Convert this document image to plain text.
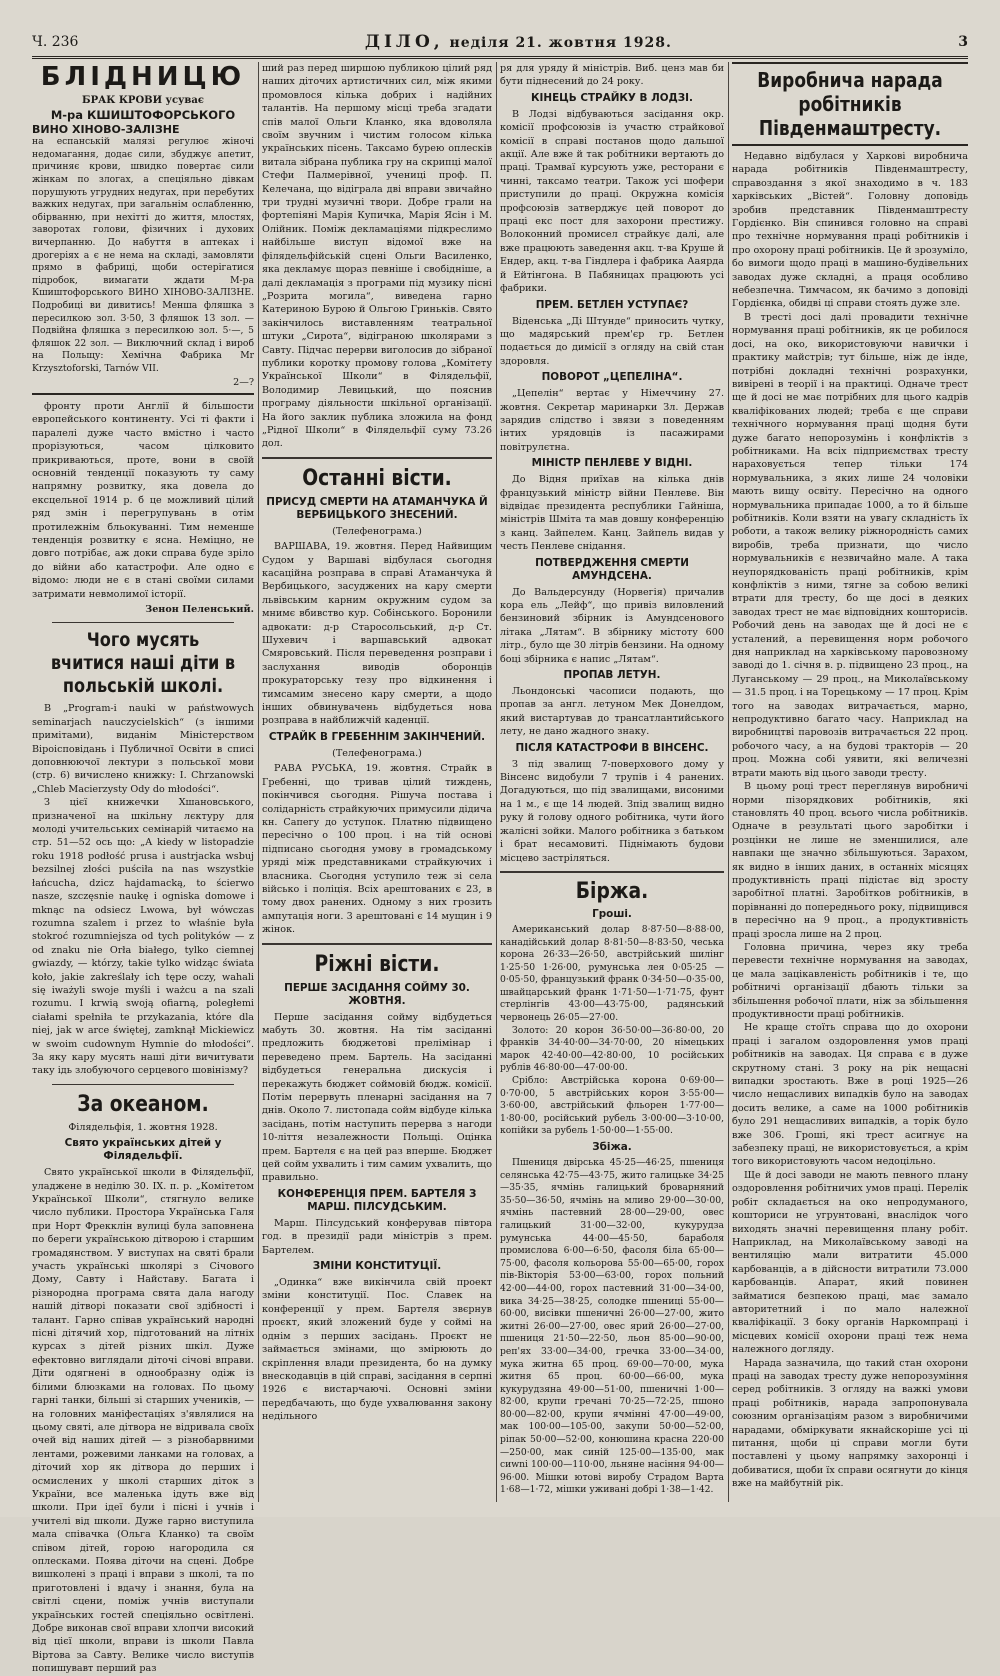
Ч. 236	ДІЛО, неділя 21. жовтня 1928.	3
БЛІДНИЦЮ
БРАК КРОВИ усуває
М-ра КШИШТОФОРСЬКОГО
ВИНО ХІНОВО-ЗАЛІЗНЕ

на еспанській малязі регулює жіночі недомагання, додає сили, збуджує апетит, причиняє крови, швидко повертає сили жінкам по злогах, а спеціяльно дівкам порушують угрудних недугах, при перебутих важких недугах, при загальнім ослабленню, обірванню, при нехітті до життя, млостях, заворотах голови, фізичних і духових вичерпанню. До набуття в аптеках і дрогеріях а є не нема на складі, замовляти прямо в фабриці, щоби остерігатися підробок, вимагати ждати М-ра Кшиштофорського ВИНО ХІНОВО-ЗАЛІЗНЕ. Подробиці ви дивитись! Менша фляшка з пересилкою зол. 3·50, 3 фляшок 13 зол. — Подвійна фляшка з пересилкою зол. 5·—, 5 фляшок 22 зол. — Виключний склад і вироб на Польщу: Хемічна Фабрика Мr Krzysztoforski, Tarnów VII.

2—?

фронту проти Англії й більшости европейського континенту. Усі ті факти і паралелі дуже часто вмістно і часто прорізуються, часом цілковито прикриваються, проте, вони в своїй основній тенденції показують ту саму напрямну розвитку, яка довела до ексцельної 1914 р. б це можливий цілий ряд змін і перегрупувань в отім протилежнім бльокуванні. Тим неменше тенденція розвитку є ясна. Неміцно, не довго потрібає, аж доки справа буде зріло до війни або катастрофи. Але одно є відомо: люди не є в стані своїми силами затримати невмолимої історії.

Зенон Пеленський.
Чого мусять вчитися наші діти в польській школі.

В „Program-i nauki w państwowych seminarjach nauczycielskich“ (з іншими примітами), виданім Міністерством Віроісповідань і Публичної Освіти в списі доповнюючої лектури з польської мови (стр. 6) вичислено книжку: I. Chrzanowski „Chleb Macierzysty Ody do młodości“.

З цієї книжечки Хшановського, призначеної на шкільну лєктуру для молоді учительських семінарій читаємо на стр. 51—52 ось що: „A kiedy w listopadzie roku 1918 podłość prusa i austrjacka wsbuj bezsilnej złości puściła na nas wszystkie łańcucha, dzicz hajdamacką, to ścierwo nasze, szczęsnie naukę i ogniska domowe i mknąc na odsiecz Lwowa, był wówczas rozumna szalem i przez to właśnie była stokroć rozumniejsza od tych polityków — z od znaku nie Orła białego, tylko ciemnej gwiazdy, — którzy, takie tylko widząc świata koło, jakie zakreślały ich tępe oczy, wahali się iważyli swoje myśli i ważcu a na szali rozumu. I krwią swoją ofiarną, poległemi ciałami spełniła te przykazania, które dla niej, jak w arce świętej, zamknął Mickiewicz w swoim cudownym Hymnie do młodości“. За яку кару мусять наші діти вичитувати таку ідь злобуючого серцевого шовінізму?

За океаном.
Філядельфія, 1. жовтня 1928.
Свято українських дітей у Філядельфії.

Свято української школи в Філядельфії, уладжене в неділю 30. IX. п. р. „Комітетом Української Школи“, стягнуло велике число публики. Простора Українська Галя при Норт Фрекклін вулиці була заповнена по береги українською дітворою і старшим громадянством. У виступах на святі брали участь українські школярі з Січового Дому, Савту і Найставу. Багата і різнородна програма свята дала нагоду нашій дітворі показати свої здібності і талант. Гарно співав український народні пісні дітячий хор, підготований на літніх курсах з дітей різних шкіл. Дуже ефектовно виглядали діточі січові вправи. Діти одягнені в однообразну одіж із білими блюзками на головах. По цьому гарні танки, більші зі старших учеників, — на головних маніфестаціях з'являлися на цьому святі, але дітвора не відривала своїх очей від наших дітей — з різнобарвними лентами, рожевими ланками на головах, а діточий хор як дітвора до перших і осмислених у школі старших діток з України, все маленька ідуть вже від школи. При ідеї були і пісні і учнів і учителі від школи. Дуже гарно виступила мала співачка (Ольга Кланко) та своїм співом дітей, горою нагородила ся оплесками. Поява діточи на сцені. Добре вишколені з праці і вправи з школі, та по приготовлені і вдачу і знання, була на світлі сцени, поміж учнів виступали українських гостей спеціяльно освітлені. Добре виконав свої вправи хлопчи високий від цієї школи, вправи із школи Павла Віртова за Савту. Велике число виступів попишувавт перший раз

ший раз перед ширшою публикою цілий ряд наших діточих артистичних сил, між якими промовлося кілька добрих і надійних талантів. На першому місці треба згадати спів малої Ольги Кланко, яка вдоволяла своїм звучним і чистим голосом кілька українських пісень. Таксамо бурею оплесків витала зібрана публика гру на скрипці малої Стефи Палмерівної, учениці проф. П. Келечана, що відіграла дві вправи звичайно три трудні музичні твори. Добре грали на фортепіяні Марія Купичка, Марія Ясін і М. Олійник. Поміж декламаціями підкреслимо найбільше виступ відомої вже на філядельфійській сцені Ольги Василенко, яка декламує щораз певніше і свобідніше, а далі декламація з програми під музику пісні „Розрита могила“, виведена гарно Катериною Бурою й Ольгою Гриньків. Свято закінчилось виставленням театральної штуки „Сирота“, відіграною школярами з Савту. Підчас перерви виголосив до зібраної публики коротку промову голова „Комітету Української Школи“ в Філядельфії, Володимир Левицький, що пояснив програму діяльности шкільної організації. На його заклик публика зложила на фонд „Рідної Школи“ в Філядельфії суму 73.26 дол.

Останні вісти.
ПРИСУД СМЕРТИ НА АТАМАНЧУКА Й ВЕРБИЦЬКОГО ЗНЕСЕНИЙ.
(Телефенограма.)

ВАРШАВА, 19. жовтня. Перед Найвищим Судом у Варшаві відбулася сьогодня касаційна розправа в справі Атаманчука й Вербицького, засуджених на кару смерти львівським карним окружним судом за мнимє вбивство кур. Собінського. Боронили адвокати: д-р Старосольський, д-р Ст. Шухевич і варшавський адвокат Смяровський. Після переведення розправи і заслухання виводів оборонців прокураторську тезу про відкинення і тимсамим знесено кару смерти, а щодо інших обвинувачень відбудеться нова розправа в найближчій каденції.

СТРАЙК В ГРЕБЕННІМ ЗАКІНЧЕНИЙ.
(Телефенограма.)

РАВА РУСЬКА, 19. жовтня. Страйк в Гребенні, що тривав цілий тиждень, покінчився сьогодня. Рішуча постава і солідарність страйкуючих примусили дідича кн. Сапегу до уступок. Платню підвищено пересічно о 100 проц. і на тій основі підписано сьогодня умову в громадському уряді між представниками страйкуючих і власника. Сьогодня уступило теж зі села військо і поліція. Всіх арештованих є 23, в тому двох ранених. Одному з них грозить ампутація ноги. 3 арештовані є 14 мущин і 9 жінок.

Ріжні вісти.
ПЕРШЕ ЗАСІДАННЯ СОЙМУ 30. ЖОВТНЯ.

Перше засідання сойму відбудеться мабуть 30. жовтня. На тім засіданні предложить бюджетові прелімінар і переведено прем. Бартель. На засіданні відбудеться генеральна дискусія і перекажуть бюджет соймовій бюдж. комісії. Потім перервуть пленарні засідання на 7 днів. Около 7. листопада сойм відбуде кілька засідань, потім наступить перерва з нагоди 10-ліття незалежности Польщі. Оцінка прем. Бартеля є на цей раз вперше. Бюджет цей сойм ухвалить і тим самим ухвалить, що правильно.

КОНФЕРЕНЦІЯ ПРЕМ. БАРТЕЛЯ З МАРШ. ПІЛСУДСЬКИМ.

Марш. Пілсудський конферував півтора год. в президії ради міністрів з прем. Бартелем.

ЗМІНИ КОНСТИТУЦІЇ.

„Одинка“ вже викінчила свій проект зміни конституції. Пос. Славек на конференції у прем. Бартеля звєрнув проєкт, який зложений буде у соймі на однім з перших засідань. Проєкт не займається змінами, що змірюють до скріплення влади президента, бо на думку внескодавців в цій справі, засідання в серпні 1926 є вистарчаючі. Основні зміни передбачають, що буде ухвалювання закону недільного

ря для уряду й міністрів. Виб. ценз мав би бути піднесений до 24 року.

КІНЕЦЬ СТРАЙКУ В ЛОДЗІ.

В Лодзі відбуваються засідання окр. комісії профсоюзів із участю страйкової комісії в справі постанов щодо дальшої акції. Але вже й так робітники вертають до праці. Трамваї курсують уже, ресторани є чинні, таксамо театри. Також усі шофери приступили до праці. Окружна комісія профсоюзів затверджує цей поворот до праці екс пост для захорони престижу. Волоконний промисел страйкує далі, але вже працюють заведення акц. т-ва Круше й Ендер, акц. т-ва Гіндлера і фабрика Ааярда й Ейтінгона. В Пабяницах працюють усі фабрики.

ПРЕМ. БЕТЛЕН УСТУПАЄ?

Віденська „Ді Штунде“ приносить чутку, що мадярський прем'єр гр. Бетлен подається до димісії з огляду на свій стан здоровля.

ПОВОРОТ „ЦЕПЕЛІНА“.

„Цепелін“ вертає у Німеччину 27. жовтня. Секретар маринарки Зл. Держав зарядив слідство і звязи з поведенням інтих урядовців із пасажирами повітрулєтна.

МІНІСТР ПЕНЛЕВЕ У ВІДНІ.

До Відня приїхав на кілька днів французький міністр війни Пенлеве. Він відвідає президента республики Гайніша, міністрів Шміта та мав довшу конференцію з канц. Зайпелем. Канц. Зайпель видав у честь Пенлеве снідання.

ПОТВЕРДЖЕННЯ СМЕРТИ АМУНДСЕНА.

До Вальдерсунду (Норвегія) причалив кора ель „Лейф“, що привіз виловлений бензиновий збірник із Амундсенового літака „Лятам“. В збірнику містоту 600 літр., було ще 30 літрів бензини. На одному боці збірника є напис „Лятам“.

ПРОПАВ ЛЕТУН.

Льондонські часописи подають, що пропав за англ. летуном Мек Донелдом, який вистартував до трансатлантийського лету, не дано жадного знаку.

ПІСЛЯ КАТАСТРОФИ В ВІНСЕНС.

З під звалищ 7-поверхового дому у Вінсенс видобули 7 трупів і 4 ранених. Догадуються, що під звалищами, висоними на 1 м., є ще 14 людей. Зпід звалищ видно руку й голову одного робітника, чути його жалісні зойки. Малого робітника з батьком і брат несамовиті. Піднімають будови місцево застріляться.

Біржа.
Гроші.

Американський долар 8·87·50—8·88·00, канадійський долар 8·81·50—8·83·50, чеська корона 26·33—26·50, австрійський шилінг 1·25·50 1·26·00, румунська лея 0·05·25 —0·05·50, французький франк 0·34·50—0·35·00, швайцарський франк 1·71·50—1·71·75, фунт стерлінгів 43·00—43·75·00, радянський червонець 26·05—27·00.

Золото: 20 корон 36·50·00—36·80·00, 20 франків 34·40·00—34·70·00, 20 німецьких марок 42·40·00—42·80·00, 10 російських рублів 46·80·00—47·00·00.

Срібло: Австрійська корона 0·69·00—0·70·00, 5 австрійських корон 3·55·00—3·60·00, австрійський фльорен 1·77·00—1·80·00, російський рубель 3·00·00—3·10·00, копійки за рубель 1·50·00—1·55·00.

Збіжа.

Пшениця двірська 45·25—46·25, пшениця селянська 42·75—43·75, жито галицьке 34·25—35·35, ячмінь галицький броварняний 35·50—36·50, ячмінь на мливо 29·00—30·00, ячмінь пастевний 28·00—29·00, овес галицький 31·00—32·00, кукурудза румунська 44·00—45·50, бараболя промислова 6·00—6·50, фасоля біла 65·00—75·00, фасоля кольорова 55·00—65·00, горох пів-Вікторія 53·00—63·00, горох польний 42·00—44·00, горох пастевний 31·00—34·00, вика 34·25—38·25, солодке пшениці 55·00—60·00, висівки пшеничні 26·00—27·00, жито житні 26·00—27·00, овес ярий 26·00—27·00, пшениця 21·50—22·50, льон 85·00—90·00, реп'ях 33·00—34·00, гречка 33·00—34·00, мука житна 65 проц. 69·00—70·00, мука житня 65 проц. 60·00—66·00, мука кукурудзяна 49·00—51·00, пшеничні 1·00—82·00, крупи гречані 70·25—72·25, пшоно 80·00—82·00, крупи ячмінні 47·00—49·00, мак 100·00—105·00, закупи 50·00—52·00, ріпак 50·00—52·00, конюшина красна 220·00—250·00, мак синій 125·00—135·00, мак сиwnі 100·00—110·00, льняне насіння 94·00—96·00. Мішки ютові виробу Страдом Варта 1·68—1·72, мішки уживані добрі 1·38—1·42.

Виробнича нарада робітників Південмаштресту.

Недавно відбулася у Харкові виробнича нарада робітників Південмаштресту, справоздання з якої знаходимо в ч. 183 харківських „Вістей“. Головну доповідь зробив представник Південмаштресту Гордієнко. Він спинився головно на справі про технічне нормування праці робітників і про охорону праці робітників. Це й зрозуміло, бо вимоги щодо праці в машино-будівельних заводах дуже складні, а праця особливо небезпечна. Тимчасом, як бачимо з доповіді Гордієнка, обидві ці справи стоять дуже зле.

В тресті досі далі провадити технічне нормування праці робітників, як це робилося досі, на око, використовуючи навички і практику майстрів; тут більше, ніж де інде, потрібні докладні технічні розрахунки, вивірені в теорії і на практиці. Одначе трест ще й досі не має потрібних для цього кадрів кваліфікованих людей; треба є ще справи технічного нормування праці щодня бути дуже багато непорозумінь і конфліктів з робітниками. На всіх підприємствах тресту нараховується тепер тільки 174 нормувальника, з яких лише 24 чоловіки мають вищу освіту. Пересічно на одного нормувальника припадає 1000, а то й більше робітників. Коли взяти на увагу складність їх роботи, а також велику ріжнородність самих виробів, треба признати, що число нормувальників є незвичайно мале. А така неупорядкованість праці робітників, крім конфліктів з ними, тягне за собою великі втрати для тресту, бо ще досі в деяких заводах трест не має відповідних кошторисів. Робочий день на заводах ще й досі не є усталений, а перевищення норм робочого дня наприклад на харківському паровозному заводі до 1. січня в. р. підвищено 23 проц., на Луганському — 29 проц., на Миколаївському — 31.5 проц. і на Торецькому — 17 проц. Крім того на заводах витрачається, марно, непродуктивно багато часу. Наприклад на виробництві паровозів витрачається 22 проц. робочого часу, а на будові тракторів — 20 проц. Можна собі уявити, які величезні втрати мають від цього заводи тресту.

В цьому році трест переглянув виробничі норми пізорядкових робітників, які становлять 40 проц. всього числа робітників. Одначе в результаті цього заробітки і розцінки не лише не зменшилися, але навпаки ще значно збільшуються. Зарахом, як видно в інших даних, в останніх місяцях продуктивність праці підістає від зросту заробітної платні. Заробітков робітників, в порівнанні до попереднього року, підвищився в пересічно на 9 проц., а продуктивність праці зросла лише на 2 проц.

Головна причина, через яку треба перевести технічне нормування на заводах, це мала зацікавленість робітників і те, що робітничі організації дбають тільки за збільшення робочої плати, ніж за збільшення продуктивности праці робітників.

Не краще стоїть справа що до охорони праці і загалом оздоровлення умов праці робітників на заводах. Ця справа є в дуже скрутному стані. З року на рік нещасні випадки зростають. Вже в році 1925—26 число нещасливих випадків було на заводах досить велике, а саме на 1000 робітників було 291 нещасливих випадків, а торік було вже 306. Гроші, які трест асигнує на забезпеку праці, не використовується, а крім того використовують часом недоцільно.

Ще й досі заводи не мають певного плану оздоровлення робітничих умов праці. Перелік робіт складається на око непродуманого, кошториси не угрунтовані, внаслідок чого виходять значні перевищення плану робіт. Наприклад, на Миколаївському заводі на вентиляцію мали витратити 45.000 карбованців, а в дійсности витратили 73.000 карбованців. Апарат, який повинен займатися безпекою праці, має замало авторитетний і по мало належної кваліфікації. З боку органів Наркомпраці і місцевих комісії охорони праці теж нема належного догляду.

Нарада зазначила, що такий стан охорони праці на заводах тресту дуже непорозуміння серед робітників. З огляду на важкі умови праці робітників, нарада запропонувала союзним організаціям разом з виробничими нарадами, обміркувати якнайскоріше усі ці питання, щоби ці справи могли бути поставлені у цьому напрямку захоронці і добиватися, щоби їх справи осягнути до кінця вже на майбутній рік.
